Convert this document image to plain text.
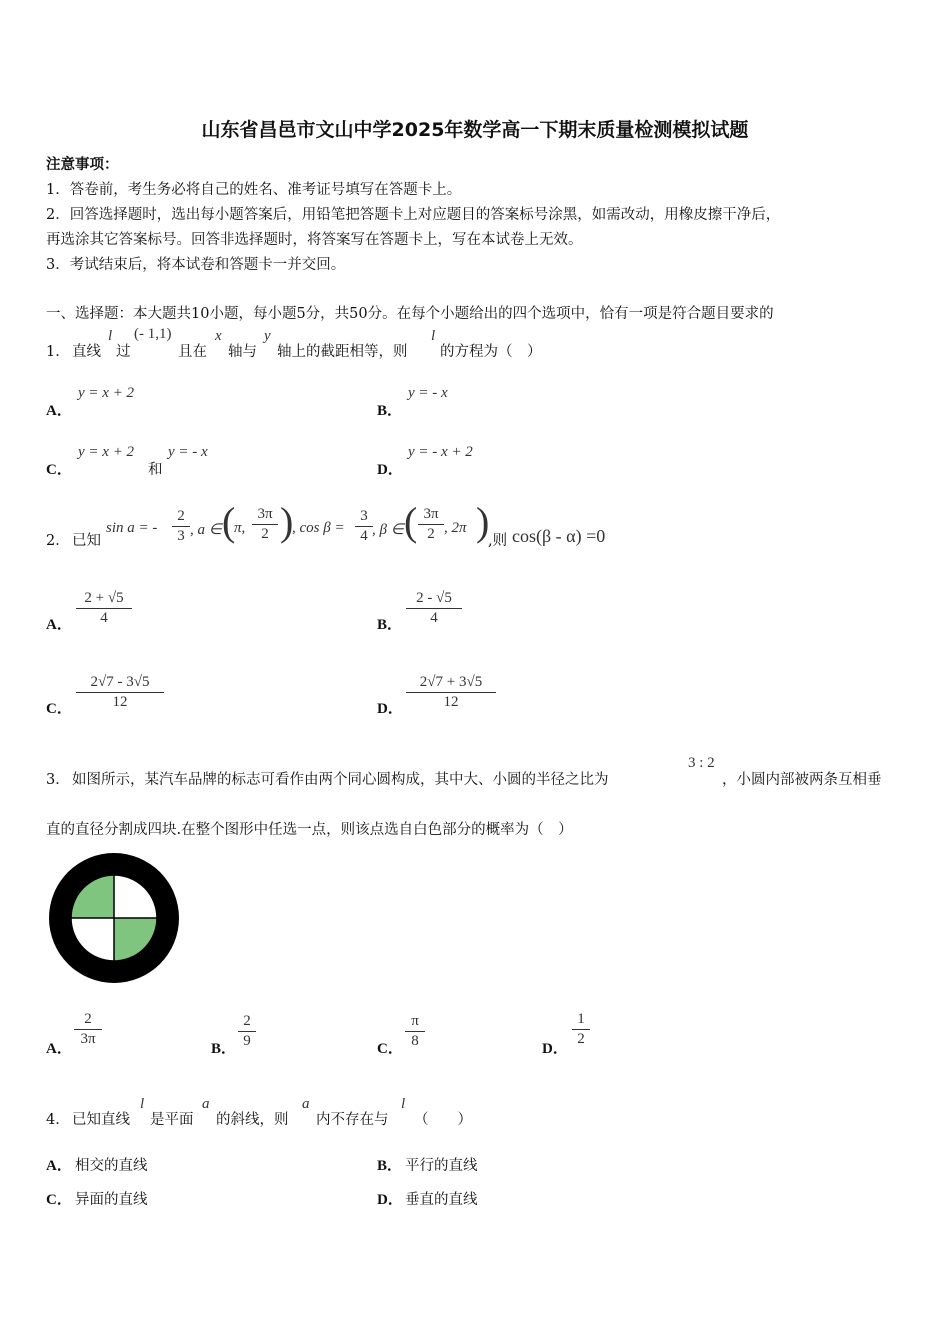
山东省昌邑市文山中学2025年数学高一下期末质量检测模拟试题
注意事项：
1．答卷前，考生务必将自己的姓名、准考证号填写在答题卡上。
2．回答选择题时，选出每小题答案后，用铅笔把答题卡上对应题目的答案标号涂黑，如需改动，用橡皮擦干净后，
再选涂其它答案标号。回答非选择题时，将答案写在答题卡上，写在本试卷上无效。
3．考试结束后，将本试卷和答题卡一并交回。
一、选择题：本大题共10小题，每小题5分，共50分。在每个小题给出的四个选项中，恰有一项是符合题目要求的
1． 直线
l
过
(- 1,1)
且在
x
轴与
y
轴上的截距相等，则
l
的方程为（　）
A．
y = x + 2
B．
y = - x
C．
y = x + 2
和
y = - x
D．
y = - x + 2
2． 已知
sin a = -
2
3 , a ∈ (
π,
3π
2 )
, cos β =
3
4 , β ∈ ( 3π
2 , 2π )
,则 cos(β - α) =0
A．
2 + √5
4	B．
2 - √5
4
C．
2√7 - 3√5
12	D．
2√7 + 3√5
12
3． 如图所示，某汽车品牌的标志可看作由两个同心圆构成，其中大、小圆的半径之比为
3 : 2
，小圆内部被两条互相垂
直的直径分割成四块.在整个图形中任选一点，则该点选自白色部分的概率为（　）
A．
2
3π
B．
2
9	C．
π
8	D．
1
2
4． 已知直线
l
是平面
a
的斜线，则
a
内不存在与
l
（　　）
A． 相交的直线	B． 平行的直线
C． 异面的直线	D． 垂直的直线
